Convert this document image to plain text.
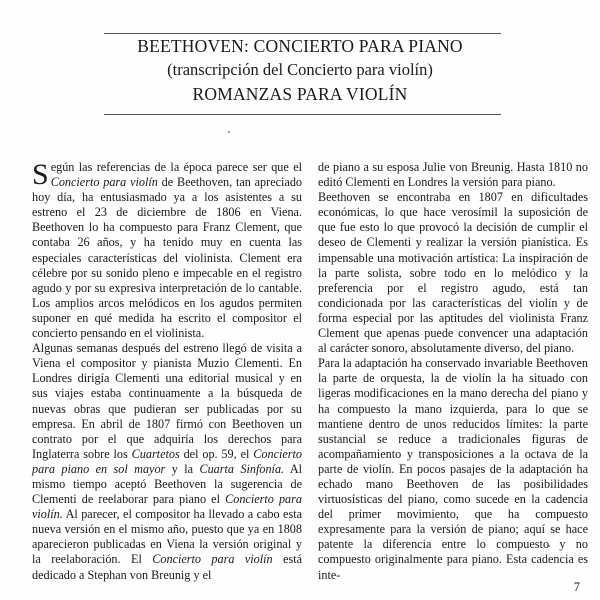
BEETHOVEN: CONCIERTO PARA PIANO
(transcripción del Concierto para violín)
ROMANZAS PARA VIOLÍN

Según las referencias de la época parece ser que el Concierto para violín de Beethoven, tan apreciado hoy día, ha entusiasmado ya a los asistentes a su estreno el 23 de diciembre de 1806 en Viena. Beethoven lo ha compuesto para Franz Clement, que contaba 26 años, y ha tenido muy en cuenta las especiales características del violinista. Clement era célebre por su sonido pleno e impecable en el registro agudo y por su expresiva interpretación de lo cantable. Los amplios arcos melódicos en los agudos permiten suponer en qué medida ha escrito el compositor el concierto pensando en el violinista.

Algunas semanas después del estreno llegó de visita a Viena el compositor y pianista Muzio Clementi. En Londres dirigía Clementi una editorial musical y en sus viajes estaba continuamente a la búsqueda de nuevas obras que pudieran ser publicadas por su empresa. En abril de 1807 firmó con Beethoven un contrato por el que adquiría los derechos para Inglaterra sobre los Cuartetos del op. 59, el Concierto para piano en sol mayor y la Cuarta Sinfonía. Al mismo tiempo aceptó Beethoven la sugerencia de Clementi de reelaborar para piano el Concierto para violín. Al parecer, el compositor ha llevado a cabo esta nueva versión en el mismo año, puesto que ya en 1808 aparecieron publicadas en Viena la versión original y la reelaboración. El Concierto para violín está dedicado a Stephan von Breunig y el

de piano a su esposa Julie von Breunig. Hasta 1810 no editó Clementi en Londres la versión para piano.

Beethoven se encontraba en 1807 en dificultades económicas, lo que hace verosímil la suposición de que fue esto lo que provocó la decisión de cumplir el deseo de Clementi y realizar la versión pianística. Es impensable una motivación artística: La inspiración de la parte solista, sobre todo en lo melódico y la preferencia por el registro agudo, está tan condicionada por las características del violín y de forma especial por las aptitudes del violinista Franz Clement que apenas puede convencer una adaptación al carácter sonoro, absolutamente diverso, del piano.

Para la adaptación ha conservado invariable Beethoven la parte de orquesta, la de violín la ha situado con ligeras modificaciones en la mano derecha del piano y ha compuesto la mano izquierda, para lo que se mantiene dentro de unos reducidos límites: la parte sustancial se reduce a tradicionales figuras de acompañamiento y transposiciones a la octava de la parte de violín. En pocos pasajes de la adaptación ha echado mano Beethoven de las posibilidades virtuosísticas del piano, como sucede en la cadencia del primer movimiento, que ha compuesto expresamente para la versión de piano; aquí se hace patente la diferencia entre lo compuesto y no compuesto originalmente para piano. Esta cadencia es inte-

7
